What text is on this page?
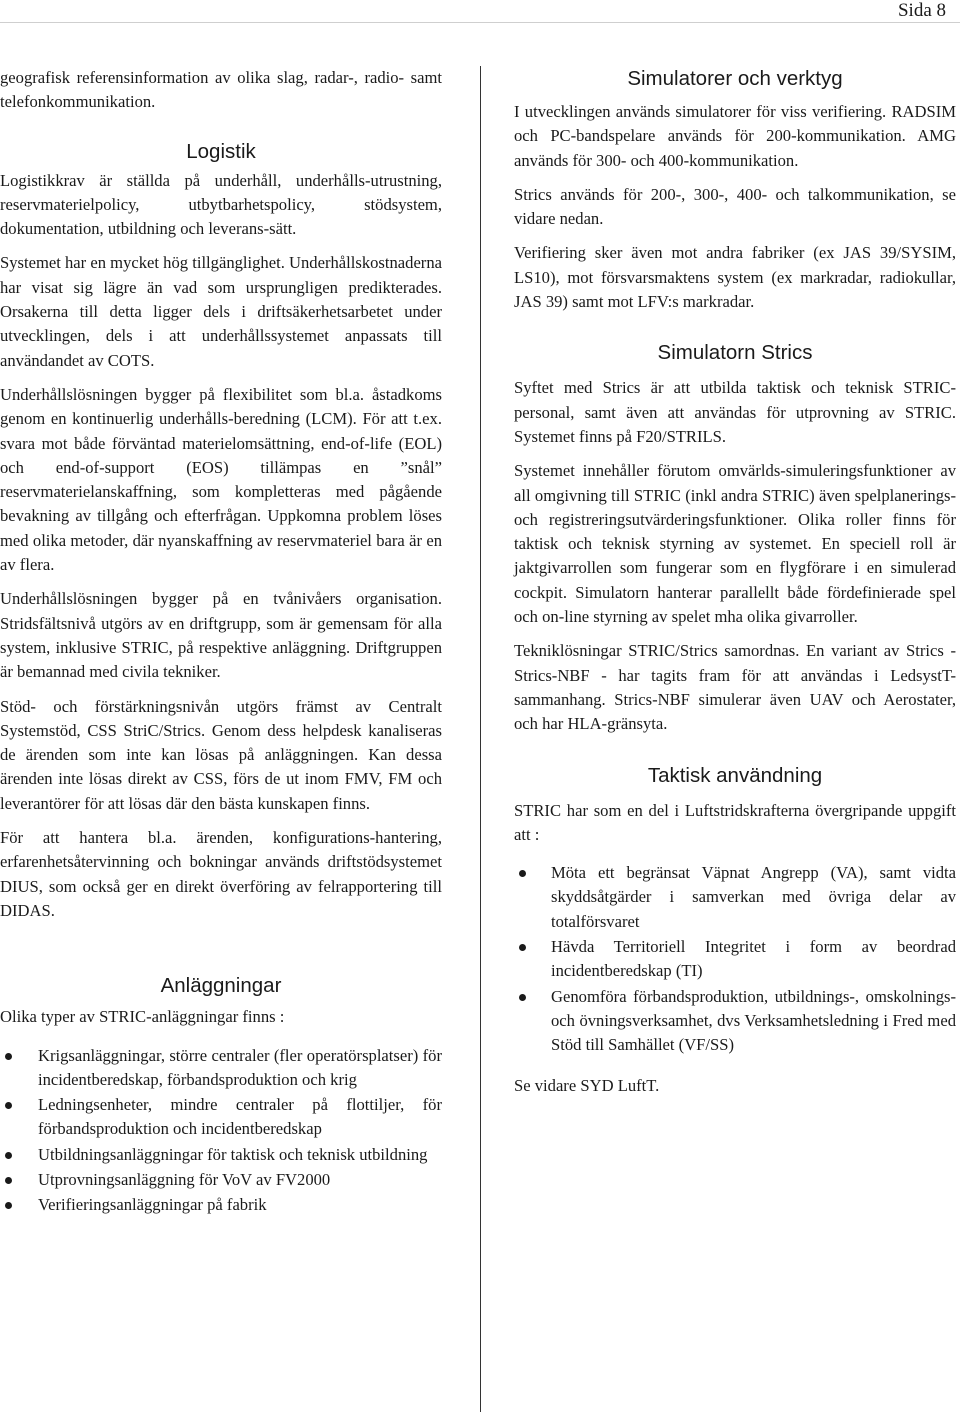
Sida 8

geografisk referensinformation av olika slag, radar-, radio- samt telefonkommunikation.

Logistik

Logistikkrav är ställda på underhåll, underhålls-utrustning, reservmaterielpolicy, utbytbarhetspolicy, stödsystem, dokumentation, utbildning och leverans-sätt.

Systemet har en mycket hög tillgänglighet. Underhållskostnaderna har visat sig lägre än vad som ursprungligen predikterades. Orsakerna till detta ligger dels i driftsäkerhetsarbetet under utvecklingen, dels i att underhållssystemet anpassats till användandet av COTS.

Underhållslösningen bygger på flexibilitet som bl.a. åstadkoms genom en kontinuerlig underhålls-beredning (LCM). För att t.ex. svara mot både förväntad materielomsättning, end-of-life (EOL) och end-of-support (EOS) tillämpas en ”snål” reservmaterielanskaffning, som kompletteras med pågående bevakning av tillgång och efterfrågan. Uppkomna problem löses med olika metoder, där nyanskaffning av reservmateriel bara är en av flera.

Underhållslösningen bygger på en tvånivåers organisation. Stridsfältsnivå utgörs av en driftgrupp, som är gemensam för alla system, inklusive STRIC, på respektive anläggning. Driftgruppen är bemannad med civila tekniker.

Stöd- och förstärkningsnivån utgörs främst av Centralt Systemstöd, CSS StriC/Strics. Genom dess helpdesk kanaliseras de ärenden som inte kan lösas på anläggningen. Kan dessa ärenden inte lösas direkt av CSS, förs de ut inom FMV, FM och leverantörer för att lösas där den bästa kunskapen finns.

För att hantera bl.a. ärenden, konfigurations-hantering, erfarenhetsåtervinning och bokningar används driftstödsystemet DIUS, som också ger en direkt överföring av felrapportering till DIDAS.

Anläggningar

Olika typer av STRIC-anläggningar finns :

Krigsanläggningar, större centraler (fler operatörsplatser) för incidentberedskap, förbandsproduktion och krig
Ledningsenheter, mindre centraler på flottiljer, för förbandsproduktion och incidentberedskap
Utbildningsanläggningar för taktisk och teknisk utbildning
Utprovningsanläggning för VoV av FV2000
Verifieringsanläggningar på fabrik
Simulatorer och verktyg

I utvecklingen används simulatorer för viss verifiering. RADSIM och PC-bandspelare används för 200-kommunikation. AMG används för 300- och 400-kommunikation.

Strics används för 200-, 300-, 400- och talkommunikation, se vidare nedan.

Verifiering sker även mot andra fabriker (ex JAS 39/SYSIM, LS10), mot försvarsmaktens system (ex markradar, radiokullar, JAS 39) samt mot LFV:s markradar.

Simulatorn Strics

Syftet med Strics är att utbilda taktisk och teknisk STRIC-personal, samt även att användas för utprovning av STRIC. Systemet finns på F20/STRILS.

Systemet innehåller förutom omvärlds-simuleringsfunktioner av all omgivning till STRIC (inkl andra STRIC) även spelplanerings- och registreringsutvärderingsfunktioner. Olika roller finns för taktisk och teknisk styrning av systemet. En speciell roll är jaktgivarrollen som fungerar som en flygförare i en simulerad cockpit. Simulatorn hanterar parallellt både fördefinierade spel och on-line styrning av spelet mha olika givarroller.

Tekniklösningar STRIC/Strics samordnas. En variant av Strics - Strics-NBF - har tagits fram för att användas i LedsystT-sammanhang. Strics-NBF simulerar även UAV och Aerostater, och har HLA-gränsyta.

Taktisk användning

STRIC har som en del i Luftstridskrafterna övergripande uppgift att :

Möta ett begränsat Väpnat Angrepp (VA), samt vidta skyddsåtgärder i samverkan med övriga delar av totalförsvaret
Hävda Territoriell Integritet i form av beordrad incidentberedskap (TI)
Genomföra förbandsproduktion, utbildnings-, omskolnings- och övningsverksamhet, dvs Verksamhetsledning i Fred med Stöd till Samhället (VF/SS)

Se vidare SYD LuftT.
